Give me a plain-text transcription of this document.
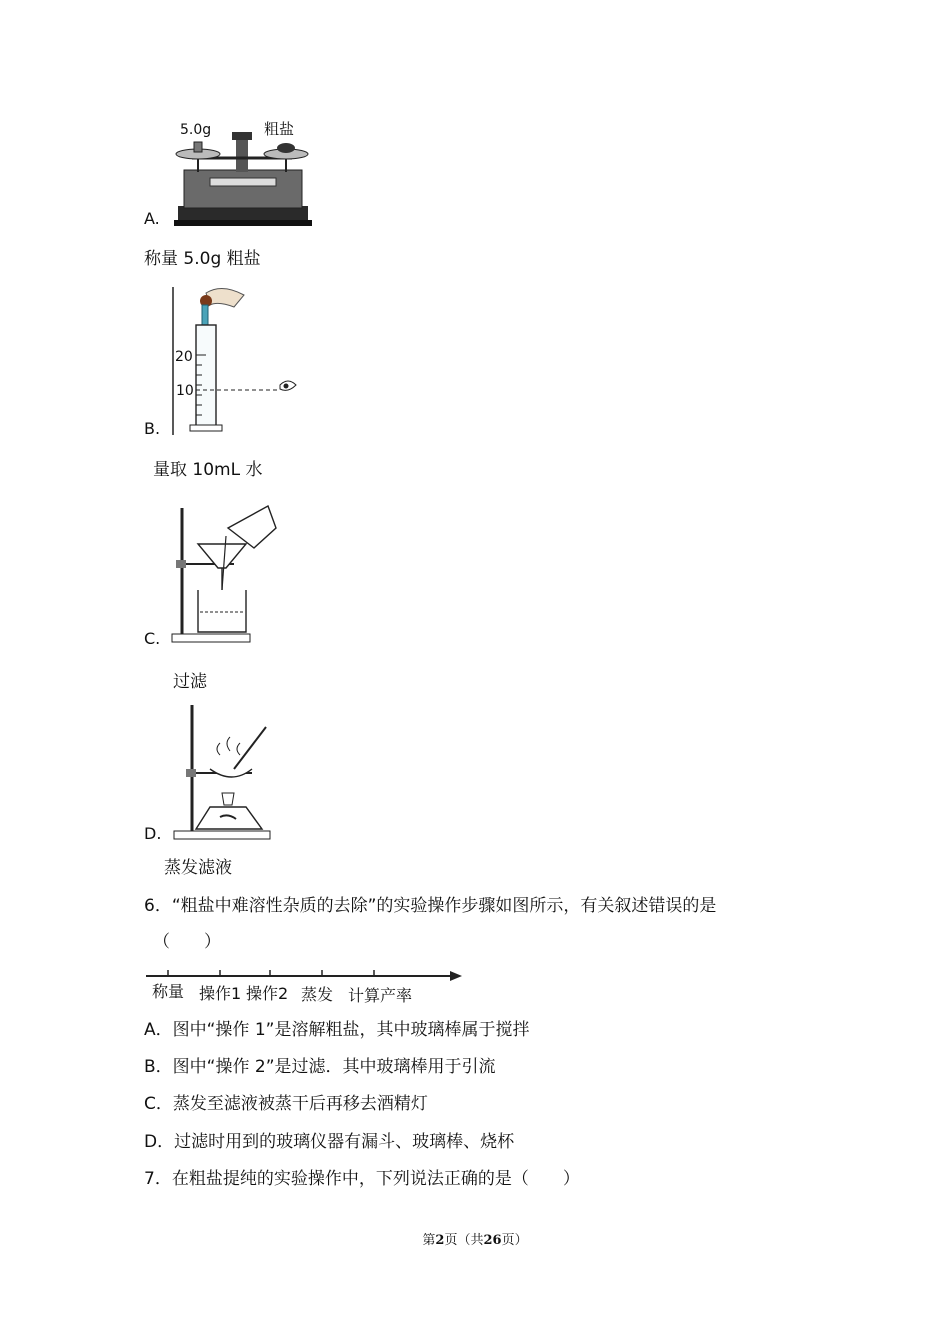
5.0g	粗盐
A.
称量 5.0g 粗盐
20
10
B.
量取 10mL 水
C.
过滤
D.
蒸发滤液
6．“粗盐中难溶性杂质的去除”的实验操作步骤如图所示，有关叙述错误的是
（　　）
称量 操作1 操作2 蒸发 计算产率
A．图中“操作 1”是溶解粗盐，其中玻璃棒属于搅拌
B．图中“操作 2”是过滤．其中玻璃棒用于引流
C．蒸发至滤液被蒸干后再移去酒精灯
D．过滤时用到的玻璃仪器有漏斗、玻璃棒、烧杯
7．在粗盐提纯的实验操作中，下列说法正确的是（　　）
第2页（共26页）
